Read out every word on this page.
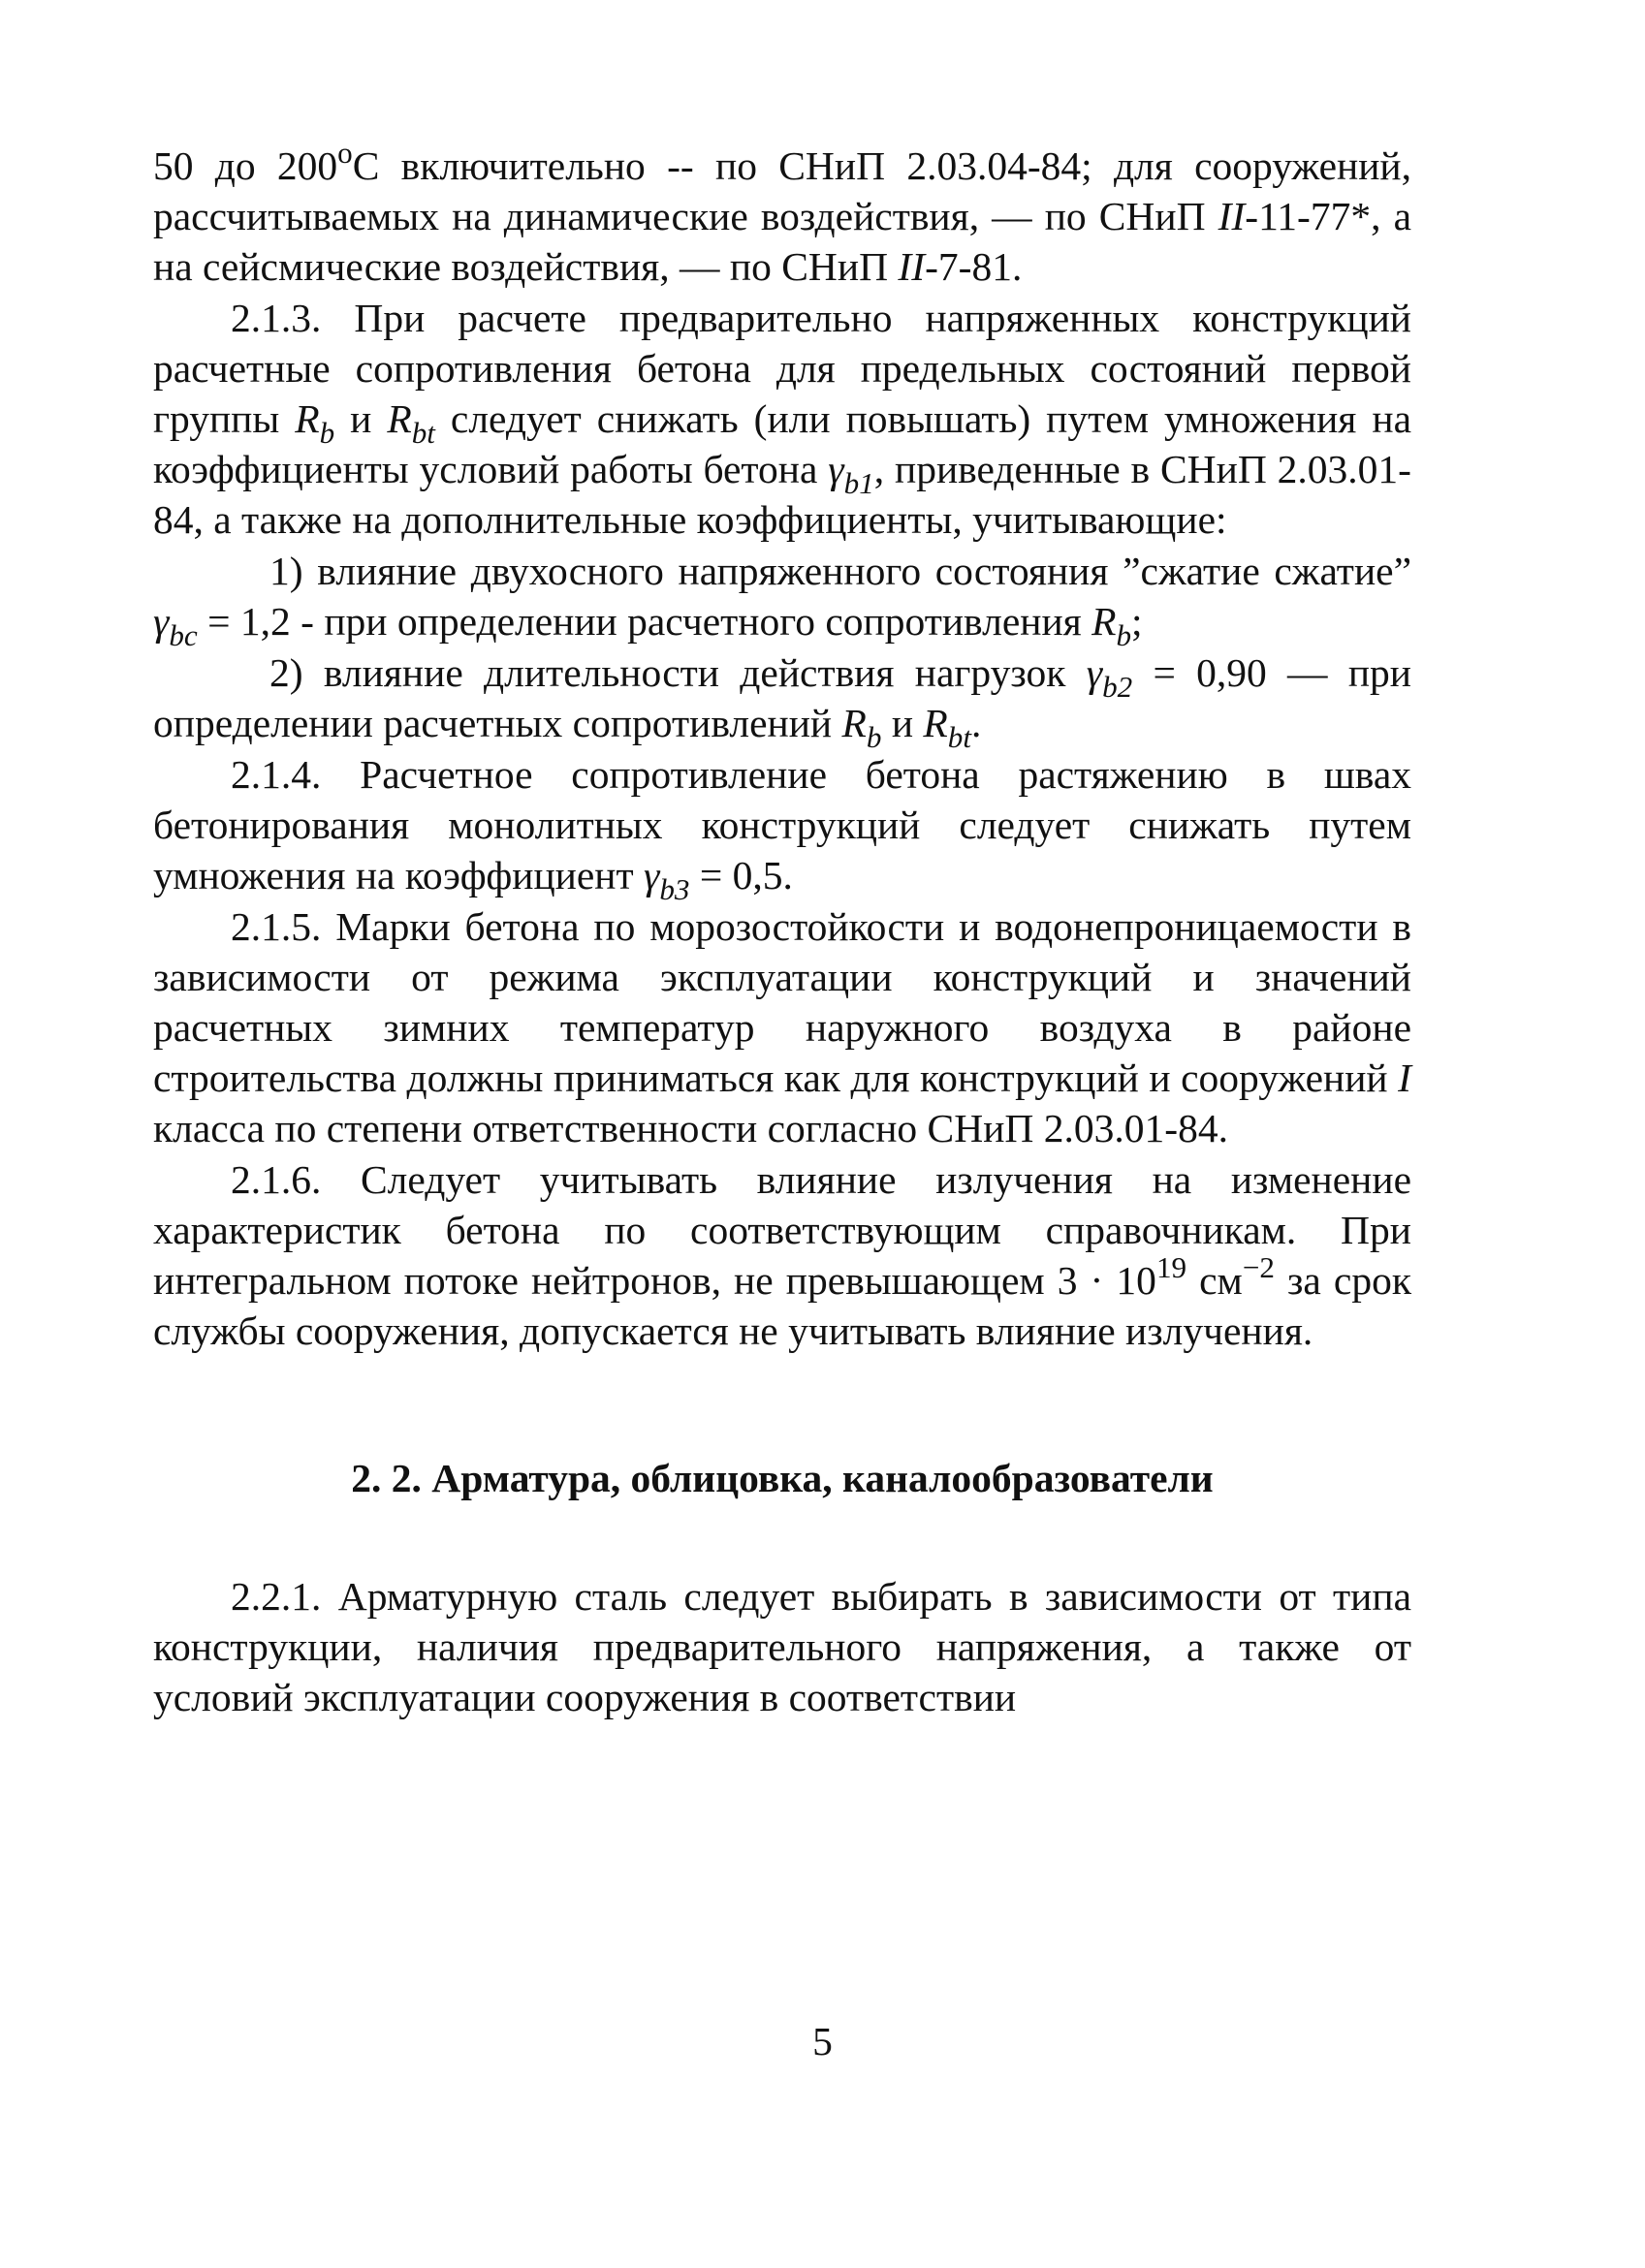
50 до $200^оС$ включительно -- по СНиП 2.03.04-84; для сооружений, рассчитываемых на динамические воздействия, — по СНиП II-11-77*, а на сейсмические воздействия, — по СНиП II-7-81.

2.1.3. При расчете предварительно напряженных конструкций расчетные сопротивления бетона для предельных состояний первой группы $R_b$ и $R_{bt}$ следует снижать (или повышать) путем умножения на коэффициенты условий работы бетона $\gamma_{b1}$, приведенные в СНиП 2.03.01-84, а также на дополнительные коэффициенты, учитывающие:

1) влияние двухосного напряженного состояния ”сжатие сжатие” $\gamma_{bc} = 1,2$ - при определении расчетного сопротивления $R_b$;

2) влияние длительности действия нагрузок $\gamma_{b2} = 0,90$ — при определении расчетных сопротивлений $R_b$ и $R_{bt}$.

2.1.4. Расчетное сопротивление бетона растяжению в швах бетонирования монолитных конструкций следует снижать путем умножения на коэффициент $\gamma_{b3} = 0,5$.

2.1.5. Марки бетона по морозостойкости и водонепроницаемости в зависимости от режима эксплуатации конструкций и значений расчетных зимних температур наружного воздуха в районе строительства должны приниматься как для конструкций и сооружений I класса по степени ответственности согласно СНиП 2.03.01-84.

2.1.6. Следует учитывать влияние излучения на изменение характеристик бетона по соответствующим справочникам. При интегральном потоке нейтронов, не превышающем $3 \cdot 10^{19}$ $см^{-2}$ за срок службы сооружения, допускается не учитывать влияние излучения.

2. 2. Арматура, облицовка, каналообразователи

2.2.1. Арматурную сталь следует выбирать в зависимости от типа конструкции, наличия предварительного напряжения, а также от условий эксплуатации сооружения в соответствии

5
